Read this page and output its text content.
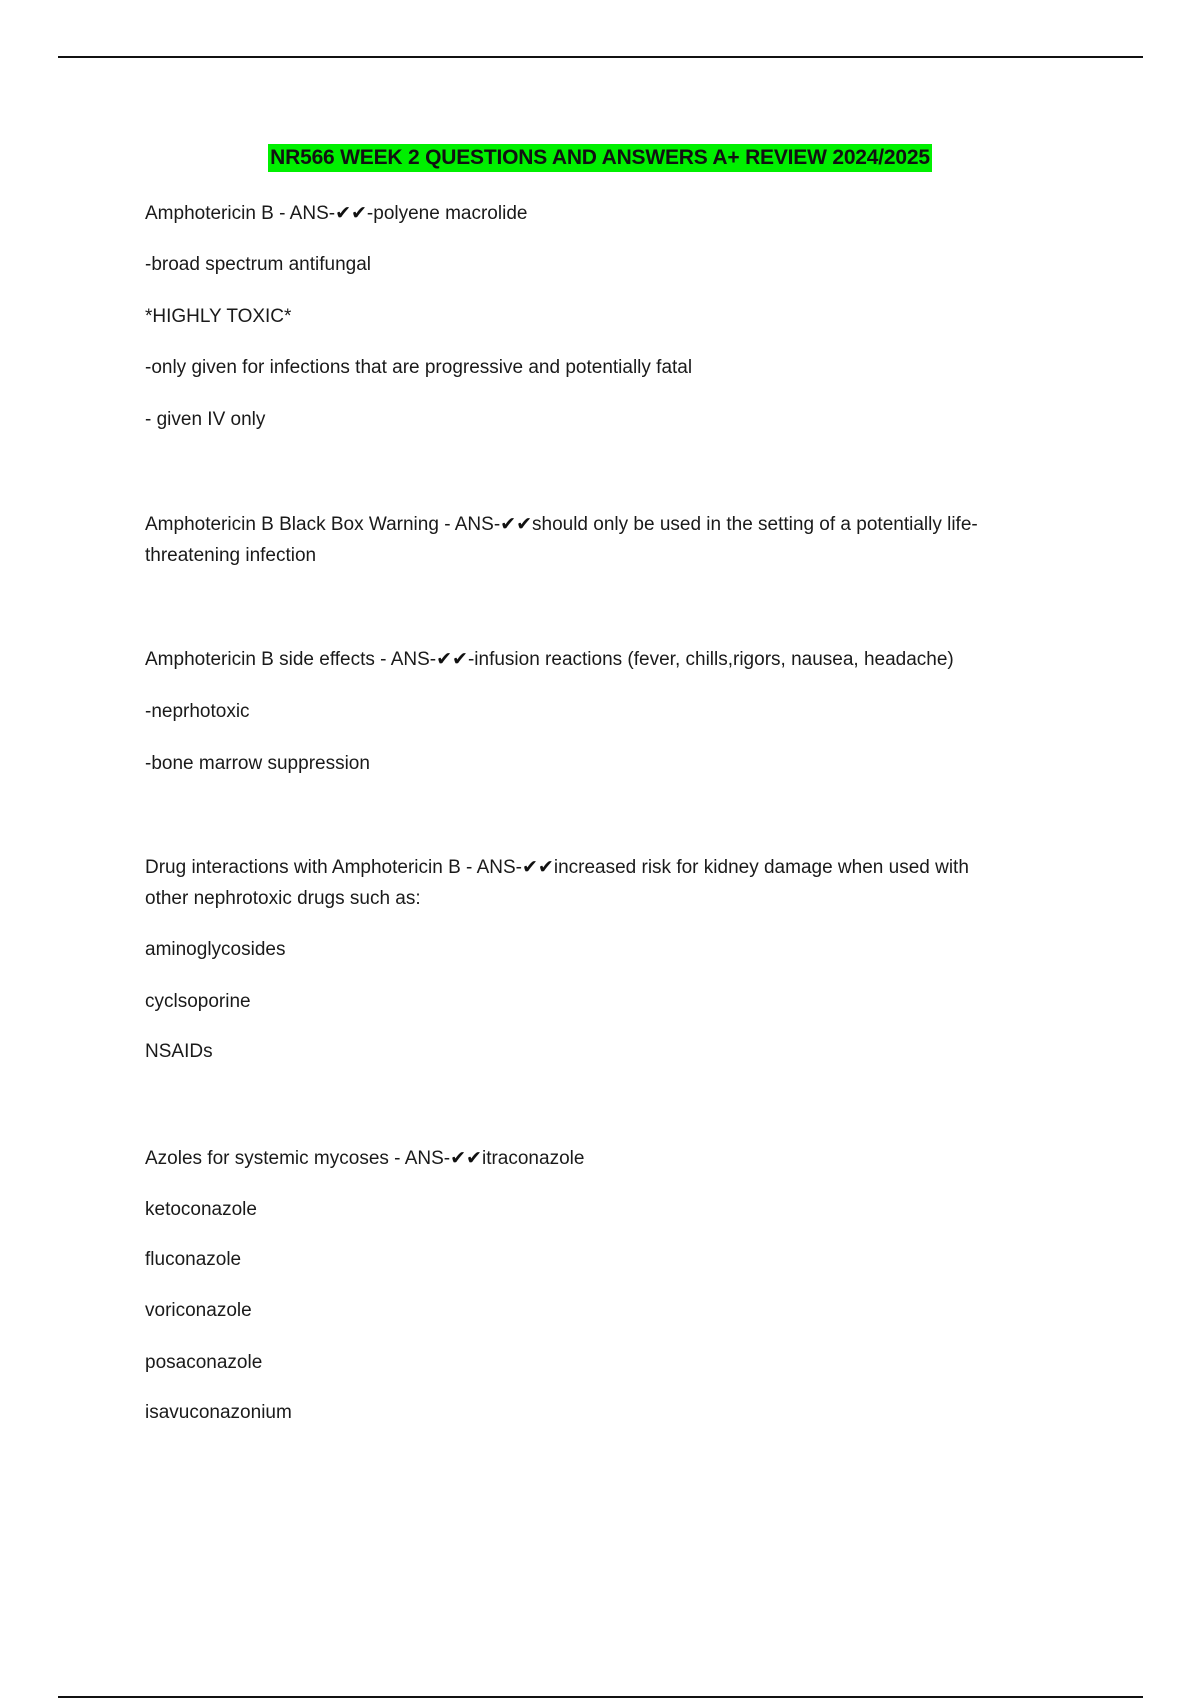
NR566 WEEK 2 QUESTIONS AND ANSWERS A+ REVIEW 2024/2025
Amphotericin B - ANS-✔✔-polyene macrolide
-broad spectrum antifungal
*HIGHLY TOXIC*
-only given for infections that are progressive and potentially fatal
- given IV only
Amphotericin B Black Box Warning - ANS-✔✔should only be used in the setting of a potentially life-
threatening infection
Amphotericin B side effects - ANS-✔✔-infusion reactions (fever, chills,rigors, nausea, headache)
-neprhotoxic
-bone marrow suppression
Drug interactions with Amphotericin B - ANS-✔✔increased risk for kidney damage when used with
other nephrotoxic drugs such as:
aminoglycosides
cyclsoporine
NSAIDs
Azoles for systemic mycoses - ANS-✔✔itraconazole
ketoconazole
fluconazole
voriconazole
posaconazole
isavuconazonium
